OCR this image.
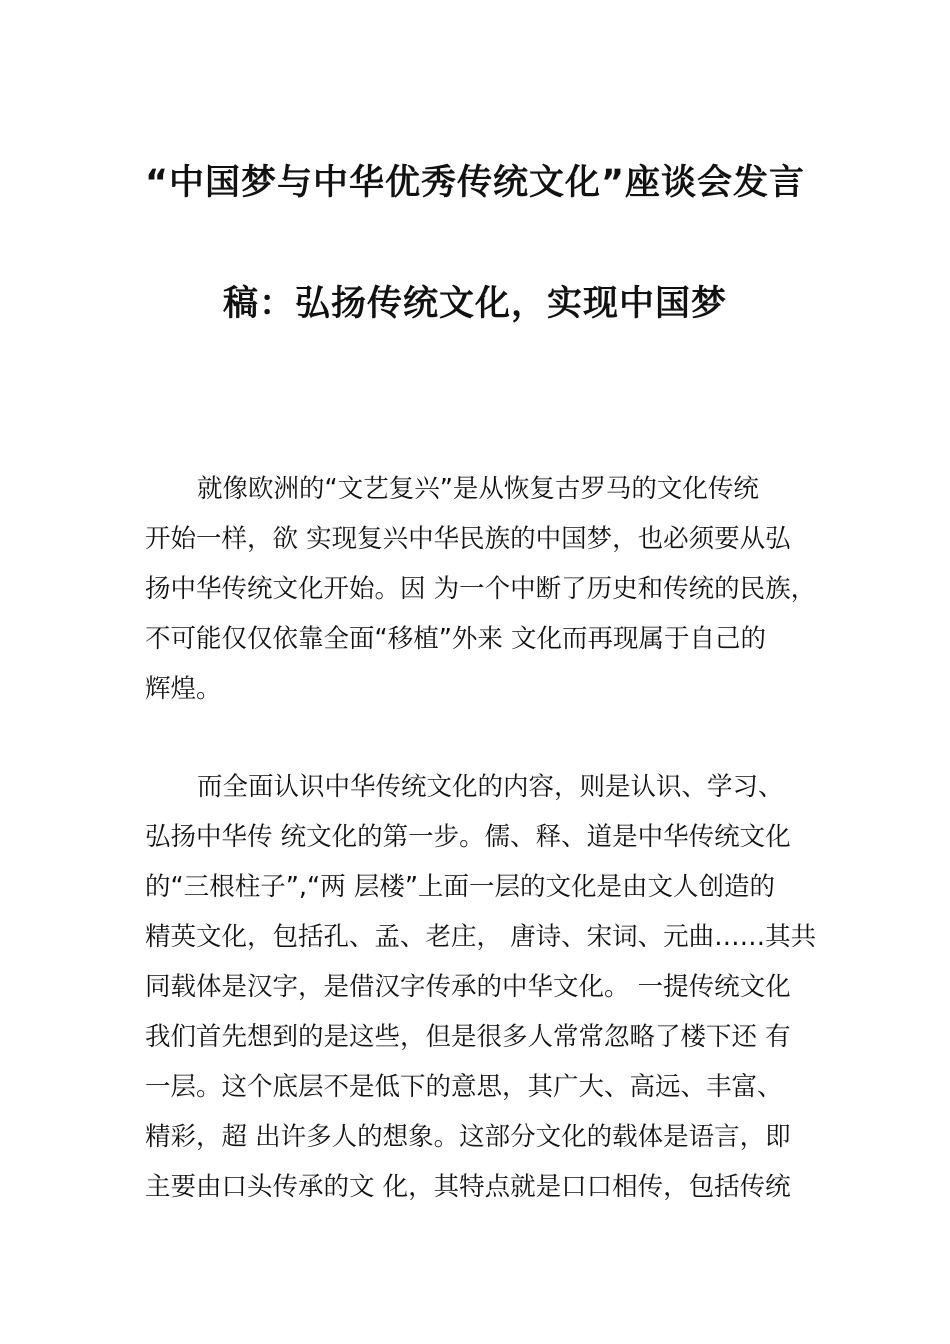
“中国梦与中华优秀传统文化”座谈会发言
稿：弘扬传统文化，实现中国梦
就像欧洲的“文艺复兴”是从恢复古罗马的文化传统
开始一样，欲 实现复兴中华民族的中国梦，也必须要从弘
扬中华传统文化开始。因 为一个中断了历史和传统的民族，
不可能仅仅依靠全面“移植”外来 文化而再现属于自己的
辉煌。
而全面认识中华传统文化的内容，则是认识、学习、
弘扬中华传 统文化的第一步。儒、释、道是中华传统文化
的“三根柱子”,“两 层楼”上面一层的文化是由文人创造的
精英文化，包括孔、孟、老庄， 唐诗、宋词、元曲……其共
同载体是汉字，是借汉字传承的中华文化。 一提传统文化
我们首先想到的是这些，但是很多人常常忽略了楼下还 有
一层。这个底层不是低下的意思，其广大、高远、丰富、
精彩，超 出许多人的想象。这部分文化的载体是语言，即
主要由口头传承的文 化，其特点就是口口相传，包括传统
